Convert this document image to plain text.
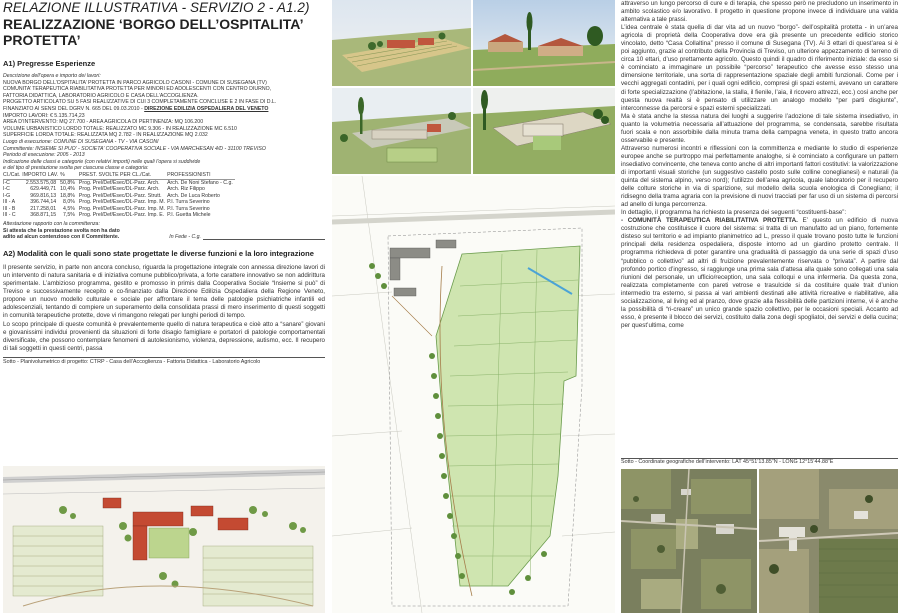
RELAZIONE ILLUSTRATIVA - SERVIZIO 2 - A1.2)
REALIZZAZIONE ‘BORGO DELL’OSPITALITA’ PROTETTA’
A1) Pregresse Esperienze
Descrizione dell’opera e importo dei lavori:
NUOVA BORGO DELL’OSPITALITA’ PROTETTA IN PARCO AGRICOLO CASONI - COMUNE DI SUSEGANA (TV)
COMUNITA’ TERAPEUTICA RIABILITATIVA PROTETTA PER MINORI ED ADOLESCENTI CON CENTRO DIURNO,
FATTORIA DIDATTICA, LABORATORIO AGRICOLO E CASA DELL’ACCOGLIENZA.
PROGETTO ARTICOLATO SU 5 FASI REALIZZATIVE DI CUI 3 COMPLETAMENTE CONCLUSE E 2 IN FASE DI D.L.
FINANZIATO AI SENSI DEL DGRV N. 665 DEL 09.03.2010 - DIREZIONE EDILIZIA OSPEDALIERA DEL VENETO
IMPORTO LAVORI: € 5.135.714,23
AREA D’INTERVENTO: MQ 27.700 - AREA AGRICOLA DI PERTINENZA: MQ 106.200
VOLUME URBANISTICO LORDO TOTALE: REALIZZATO MC 9.306 - IN REALIZZAZIONE MC 6.510
SUPERFICIE LORDA TOTALE: REALIZZATA MQ 2.782 - IN REALIZZAZIONE MQ 2.032
Luogo di esecuzione: COMUNE DI SUSEGANA - TV - VIA CASONI
Committente: INSIEME SI PUO’ - SOCIETA’ COOPERATIVA SOCIALE - VIA MARCHESAN 4/D - 31100 TREVISO
Periodo di esecuzione: 2005 - 2013
Indicazione delle classi e categorie (con relativi importi) nelle quali l’opera si suddivide
e del tipo di prestazione svolta per ciascuna classe e categoria:
Cl./Cat.	IMPORTO LAV.	%	PREST. SVOLTE PER CL./Cat.	PROFESSIONISTI
I-C	2.553.575,08	50,8%	Prog. Prel/Def/Esec/DL-Parz. Arch.	Arch. De Noni Stefano - C.g.
I-C	629.449,71	10,4%	Prog. Prel/Def/Esec/DL-Parz. Arch.	Arch. Riz Filippo
I-G	969.816,13	18,8%	Prog. Prel/Def/Esec/DL-Parz. Strutt.	Arch. De Luca Roberto
III - A	396.744,14	8,0%	Prog. Prel/Def/Esec/DL-Parz. Imp. M.	P.I. Turra Severino
III - B	217.258,01	4,5%	Prog. Prel/Def/Esec/DL-Parz. Imp. M.	P.I. Turra Severino
III - C	368.871,15	7,5%	Prog. Prel/Def/Esec/DL-Parz. Imp. E.	P.I. Guetta Michele
Attestazione rapporto con la committenza:
Si attesta che la prestazione svolta non ha dato
adito ad alcun contenzioso con il Committente.	In Fede - C.g.
A2) Modalità con le quali sono state progettate le diverse funzioni e la loro integrazione
Il presente servizio, in parte non ancora concluso, riguarda la progettazione integrale con annessa direzione lavori di un intervento di natura sanitaria e di iniziativa comune pubblico/privata, a forte carattere innovativo se non addirittura sperimentale. L’ambizioso programma, gestito e promosso in primis dalla Cooperativa Sociale “Insieme si può” di Treviso e successivamente recepito e co-finanziato dalla Direzione Edilizia Ospedaliera della Regione Veneto, propone un nuovo modello culturale e sociale per affrontare il tema delle patologie psichiatriche infantili ed adolescenziali, tentando di compiere un superamento della consolidata prassi di mero inserimento di questi soggetti in comunità terapeutiche protette, dove vi rimangono relegati per lunghi periodi di tempo.
Lo scopo principale di queste comunità è prevalentemente quello di natura terapeutica e cioè atto a “sanare” giovani e giovanissimi individui provenienti da situazioni di forte disagio famigliare e portatori di patologie comportamentali diversificate, che possono contemplare fenomeni di autolesionismo, violenza, depressione, autismo, ecc. Il recupero di tali soggetti in questi centri, passa
Sotto - Planivolumetrico di progetto: CTRP - Casa dell’Accoglienza - Fattoria Didattica - Laboratorio Agricolo
attraverso un lungo percorso di cure e di terapia, che spesso però ne precludono un inserimento in ambito scolastico e/o lavorativo. Il progetto in questione propone invece di individuare una valida alternativa a tale prassi.
L’idea centrale è stata quella di dar vita ad un nuovo “borgo”- dell’ospitalità protetta - in un’area agricola di proprietà della Cooperativa dove era già presente un precedente edificio storico vincolato, detto “Casa Collaltina” presso il comune di Susegana (TV). Ai 3 ettari di quest’area si è poi aggiunto, grazie al contributo della Provincia di Treviso, un ulteriore appezzamento di terreno di circa 10 ettari, d’uso prettamente agricolo. Questo quindi il quadro di riferimento iniziale: da esso si è cominciato a immaginare un possibile “percorso” terapeutico che avesse esso stesso una dimensione territoriale, una sorta di rappresentazione spaziale degli ambiti funzionali. Come per i vecchi aggregati contadini, per i quali ogni edificio, compresi gli spazi esterni, avevano un carattere di forte specializzazione (l’abitazione, la stalla, il fienile, l’aia, il ricovero attrezzi, ecc.) così anche per questa nuova realtà si è pensato di utilizzare un analogo modello “per parti disgiunte”, interconnesse da percorsi e spazi esterni specializzati.
Ma è stata anche la stessa natura dei luoghi a suggerire l’adozione di tale sistema insediativo, in quanto la volumetria necessaria all’attuazione del programma, se condensata, sarebbe risultata fuori scala e non assorbibile dalla minuta trama della campagna veneta, in questo tratto ancora osservabile e presente.
Attraverso numerosi incontri e riflessioni con la committenza e mediante lo studio di esperienze europee anche se purtroppo mai perfettamente analoghe, si è cominciato a configurare un pattern insediativo convincente, che teneva conto anche di altri importanti fattori costitutivi: la valorizzazione di importanti visuali storiche (un suggestivo castello posto sulle colline coneglianesi) e naturali (la quinta del sistema alpino, verso nord); l’utilizzo dell’area agricola, quale laboratorio per il recupero delle colture storiche in via di sparizione, sul modello della scuola enologica di Conegliano; il ridisegno della trama agraria con la previsione di nuovi tracciati per far uso di un sistema di percorsi ad anello di lunga percorrenza.
In dettaglio, il programma ha richiesto la presenza dei seguenti “costituenti-base”:
- COMUNITÀ TERAPEUTICA RIABILITATIVA PROTETTA. E’ questo un edificio di nuova costruzione che costituisce il cuore del sistema: si tratta di un manufatto ad un piano, fortemente disteso sul territorio e ad impianto planimetrico ad L, presso il quale trovano posto tutte le funzioni principali della residenza ospedaliera, disposte intorno ad un giardino protetto centrale. Il programma richiedeva di poter garantire una gradualità di passaggio da una serie di spazi d’uso “pubblico o collettivo” ad altri di fruizione prevalentemente riservata o “privata”. A partire dal profondo portico d’ingresso, si raggiunge una prima sala d’attesa alla quale sono collegati una sala riunioni del personale, un ufficio/reception, una sala colloqui e una infermeria. Da questa zona, realizzata completamente con pareti vetrose e trasulcide si da costituire quale trait d’union intermedio tra esterno, si passa ai vari ambienti destinati alle attività ricreative e riabilitative, alla socializzazione, al living ed al pranzo, dove grazie alla flessibilità delle partizioni interne, vi è anche la possibilità di “ri-creare” un unico grande spazio collettivo, per le occasioni speciali. Accanto ad esso, è presente il blocco dei servizi, costituito dalla zona degli spogliatoi, dei servizi e della cucina; per quest’ultima, come
Sotto - Coordinate geografiche dell’intervento: LAT 45°51’13.85”N - LONG 12°15’44.88”E
